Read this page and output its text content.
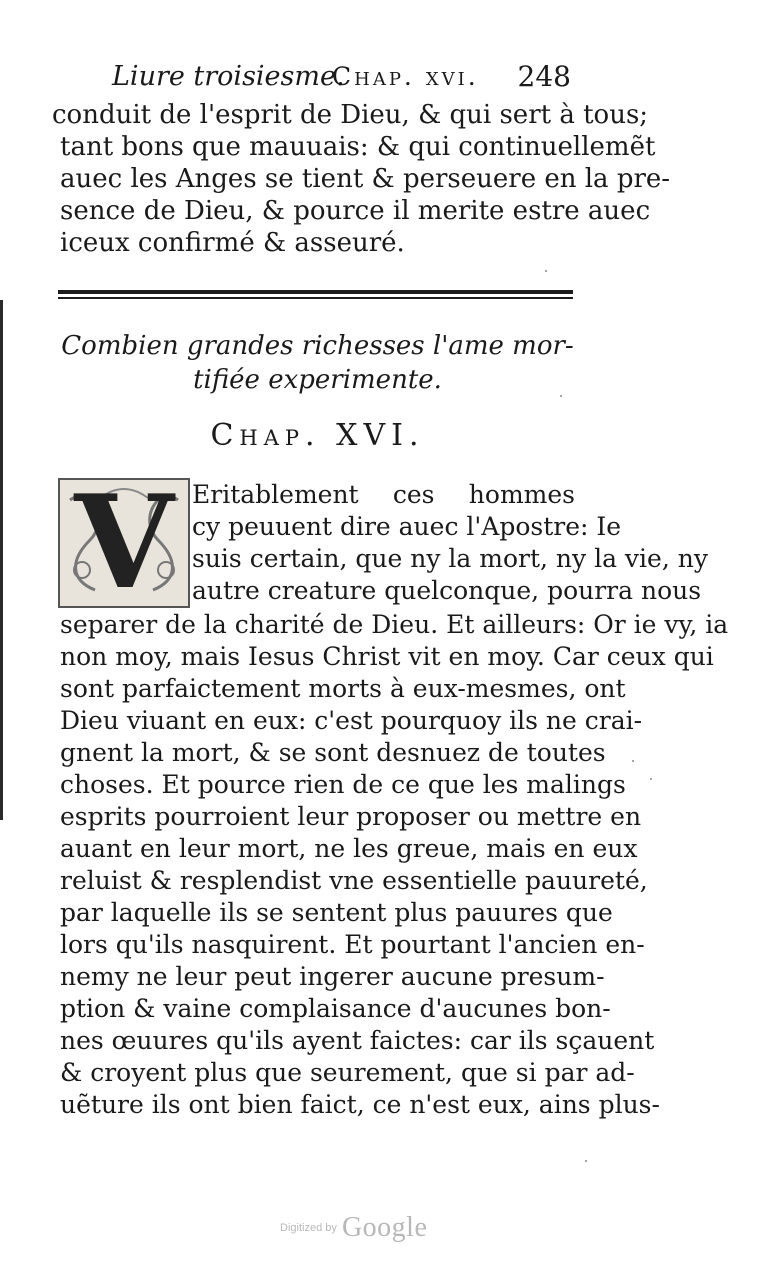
Liure troisiesme.
Chap. xvi. 248
conduit de l'esprit de Dieu, & qui sert à tous;
tant bons que mauuais: & qui continuellemẽt
auec les Anges se tient & perseuere en la pre-
sence de Dieu, & pource il merite estre auec
iceux confirmé & asseuré.
Combien grandes richesses l'ame mor-
tifiée experimente.
Chap. XVI.
V Eritablement ces hommes
cy peuuent dire auec l'Apostre: Ie
suis certain, que ny la mort, ny la vie, ny
autre creature quelconque, pourra nous
separer de la charité de Dieu. Et ailleurs: Or ie vy, ia
non moy, mais Iesus Christ vit en moy. Car ceux qui
sont parfaictement morts à eux-mesmes, ont
Dieu viuant en eux: c'est pourquoy ils ne crai-
gnent la mort, & se sont desnuez de toutes
choses. Et pource rien de ce que les malings
esprits pourroient leur proposer ou mettre en
auant en leur mort, ne les greue, mais en eux
reluist & resplendist vne essentielle pauureté,
par laquelle ils se sentent plus pauures que
lors qu'ils nasquirent. Et pourtant l'ancien en-
nemy ne leur peut ingerer aucune presum-
ption & vaine complaisance d'aucunes bon-
nes œuures qu'ils ayent faictes: car ils sçauent
& croyent plus que seurement, que si par ad-
uẽture ils ont bien faict, ce n'est eux, ains plus-
Digitized by Google
